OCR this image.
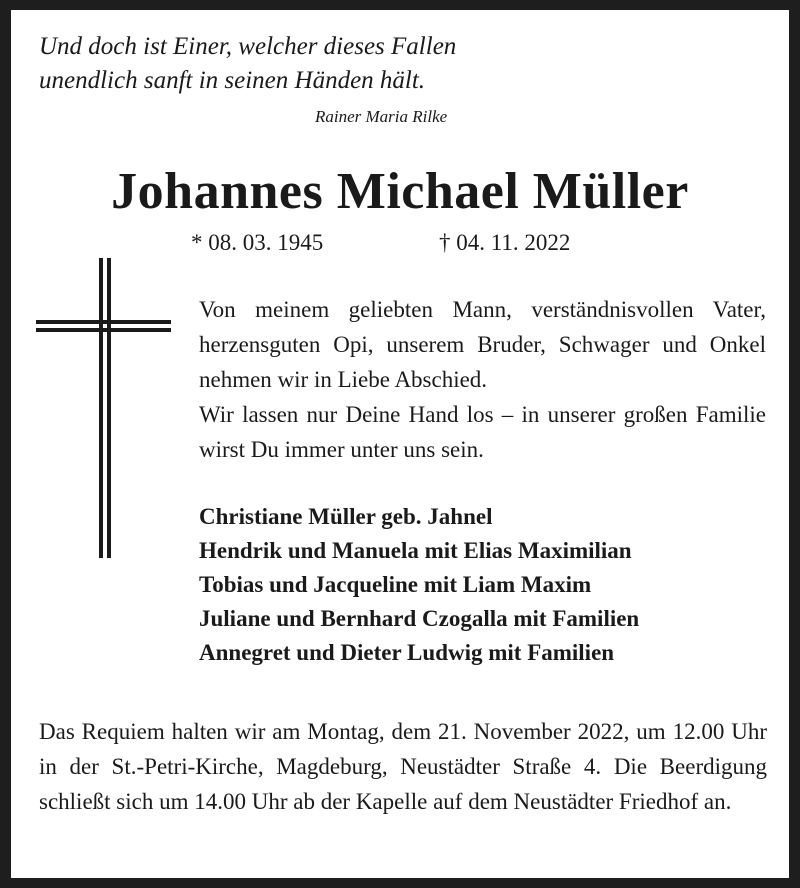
Und doch ist Einer, welcher dieses Fallen
unendlich sanft in seinen Händen hält.
Rainer Maria Rilke
Johannes Michael Müller
* 08. 03. 1945	† 04. 11. 2022

Von meinem geliebten Mann, verständnisvollen Vater, herzensguten Opi, unserem Bruder, Schwager und Onkel nehmen wir in Liebe Abschied.

Wir lassen nur Deine Hand los – in unserer großen Familie wirst Du immer unter uns sein.

Christiane Müller geb. Jahnel
Hendrik und Manuela mit Elias Maximilian
Tobias und Jacqueline mit Liam Maxim
Juliane und Bernhard Czogalla mit Familien
Annegret und Dieter Ludwig mit Familien
Das Requiem halten wir am Montag, dem 21. November 2022, um 12.00 Uhr in der St.-Petri-Kirche, Magdeburg, Neustädter Straße 4. Die Beerdigung schließt sich um 14.00 Uhr ab der Kapelle auf dem Neustädter Friedhof an.
